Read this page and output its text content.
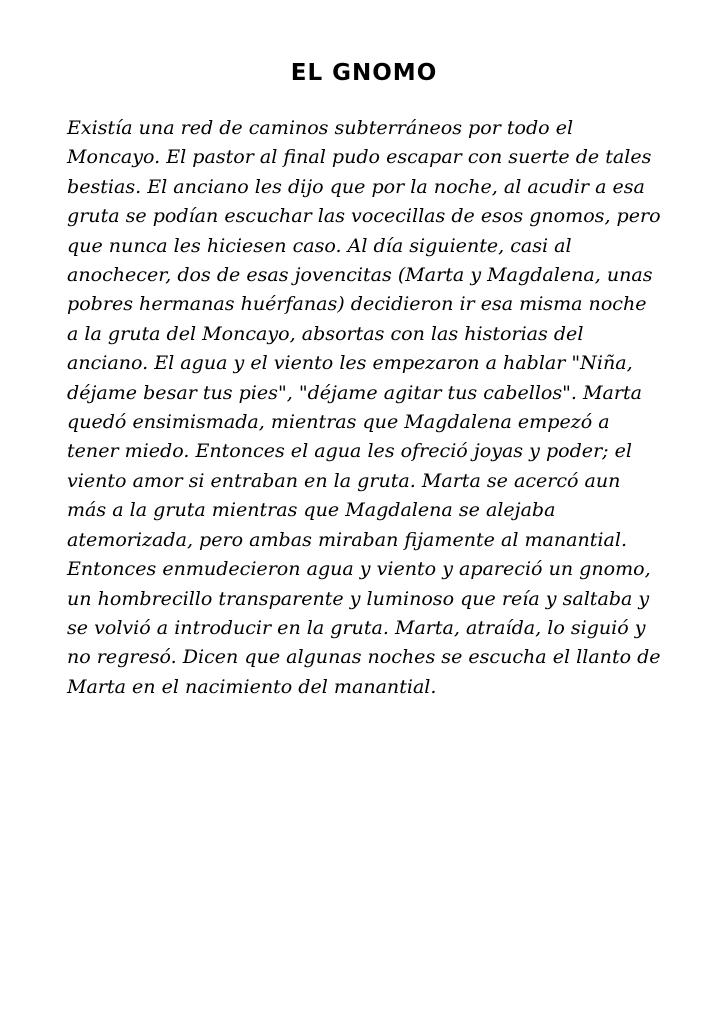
EL GNOMO
Existía una red de caminos subterráneos por todo el
Moncayo. El pastor al final pudo escapar con suerte de tales
bestias. El anciano les dijo que por la noche, al acudir a esa
gruta se podían escuchar las vocecillas de esos gnomos, pero
que nunca les hiciesen caso. Al día siguiente, casi al
anochecer, dos de esas jovencitas (Marta y Magdalena, unas
pobres hermanas huérfanas) decidieron ir esa misma noche
a la gruta del Moncayo, absortas con las historias del
anciano. El agua y el viento les empezaron a hablar "Niña,
déjame besar tus pies", "déjame agitar tus cabellos". Marta
quedó ensimismada, mientras que Magdalena empezó a
tener miedo. Entonces el agua les ofreció joyas y poder; el
viento amor si entraban en la gruta. Marta se acercó aun
más a la gruta mientras que Magdalena se alejaba
atemorizada, pero ambas miraban fijamente al manantial.
Entonces enmudecieron agua y viento y apareció un gnomo,
un hombrecillo transparente y luminoso que reía y saltaba y
se volvió a introducir en la gruta. Marta, atraída, lo siguió y
no regresó. Dicen que algunas noches se escucha el llanto de
Marta en el nacimiento del manantial.
